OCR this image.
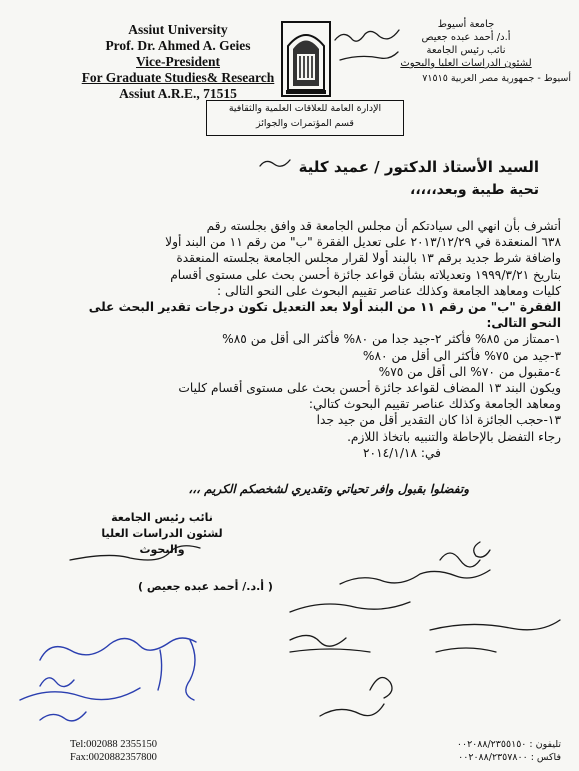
Assiut University
Prof. Dr. Ahmed A. Geies
Vice-President
For Graduate Studies& Research
Assiut A.R.E., 71515
جامعة أسيوط
أ.د/ أحمد عبده جعيص
نائب رئيس الجامعة
لشئون الدراسات العليا والبحوث
أسيوط - جمهورية مصر العربية ٧١٥١٥
الإدارة العامة للعلاقات العلمية والثقافية
قسم المؤتمرات والجوائز
السيد الأستاذ الدكتور / عميد كلية
تحية طيبة وبعد،،،،،

أتشرف بأن انهي الى سيادتكم أن مجلس الجامعة قد وافق بجلسته رقم

٦٣٨ المنعقدة في ٢٠١٣/١٢/٢٩ على تعديل الفقرة "ب" من رقم ١١ من البند أولا

واضافة شرط جديد برقم ١٣ بالبند أولا لقرار مجلس الجامعة بجلسته المنعقدة

بتاريخ ١٩٩٩/٣/٢١ وتعديلاته بشأن قواعد جائزة أحسن بحث على مستوى أقسام

كليات ومعاهد الجامعة وكذلك عناصر تقييم البحوث على النحو التالى :

الفقرة "ب" من رقم ١١ من البند أولا بعد التعديل تكون درجات تقدير البحث على

النحو التالى:

١-ممتاز من ٨٥% فأكثر ٢-جيد جدا من ٨٠% فأكثر الى أقل من ٨٥%

٣-جيد من ٧٥% فأكثر الى أقل من ٨٠%

٤-مقبول من ٧٠% الى أقل من ٧٥%

ويكون البند ١٣ المضاف لقواعد جائزة أحسن بحث على مستوى أقسام كليات

ومعاهد الجامعة وكذلك عناصر تقييم البحوث كتالي:

١٣-حجب الجائزة اذا كان التقدير أقل من جيد جدا

رجاء التفضل بالإحاطة والتنبيه باتخاذ اللازم.

في: ٢٠١٤/١/١٨

وتفضلوا بقبول وافر تحياتي وتقديري لشخصكم الكريم ،،،
نائب رئيس الجامعة
لشئون الدراسات العليا والبحوث
( أ.د./ أحمد عبده جعيص )
Tel:002088 2355150
Fax:0020882357800
تليفون : ٠٠٢٠٨٨/٢٣٥٥١٥٠
فاكس : ٠٠٢٠٨٨/٢٣٥٧٨٠٠
